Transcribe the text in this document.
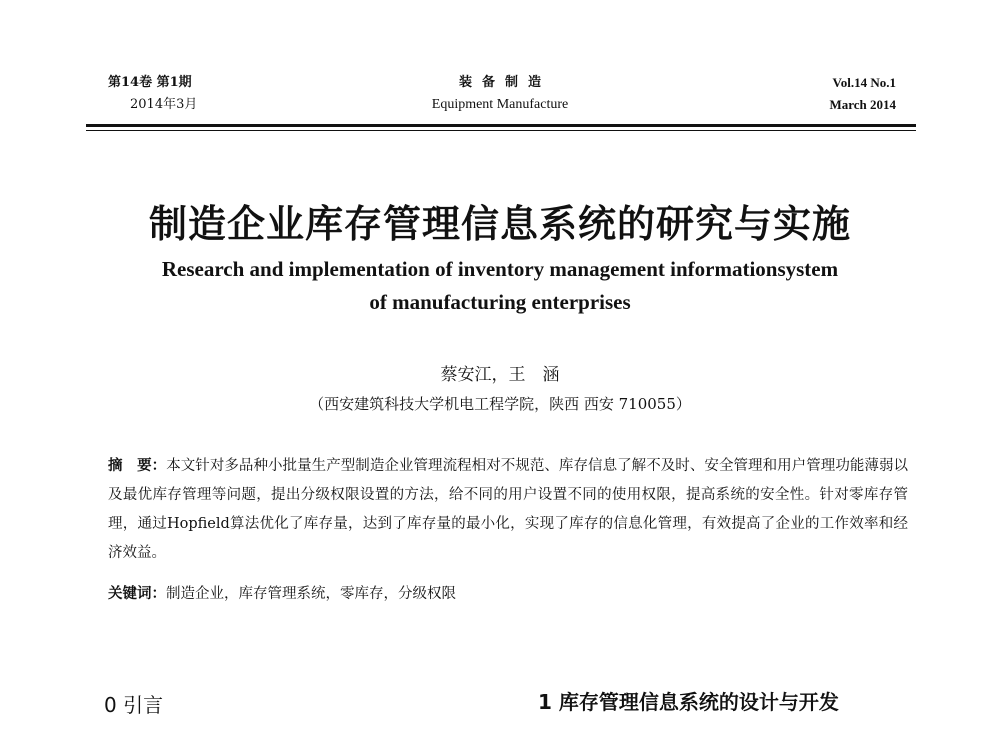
第14卷 第1期
2014年3月
装备制造
Equipment Manufacture
Vol.14 No.1
March 2014
制造企业库存管理信息系统的研究与实施
Research and implementation of inventory management informationsystem
of manufacturing enterprises
蔡安江，王　涵
（西安建筑科技大学机电工程学院，陕西 西安 710055）
摘　要：本文针对多品种小批量生产型制造企业管理流程相对不规范、库存信息了解不及时、安全管理和用户管理功能薄弱以及最优库存管理等问题，提出分级权限设置的方法，给不同的用户设置不同的使用权限，提高系统的安全性。针对零库存管理，通过Hopfield算法优化了库存量，达到了库存量的最小化，实现了库存的信息化管理，有效提高了企业的工作效率和经济效益。
关键词：制造企业，库存管理系统，零库存，分级权限
0 引言	1 库存管理信息系统的设计与开发
